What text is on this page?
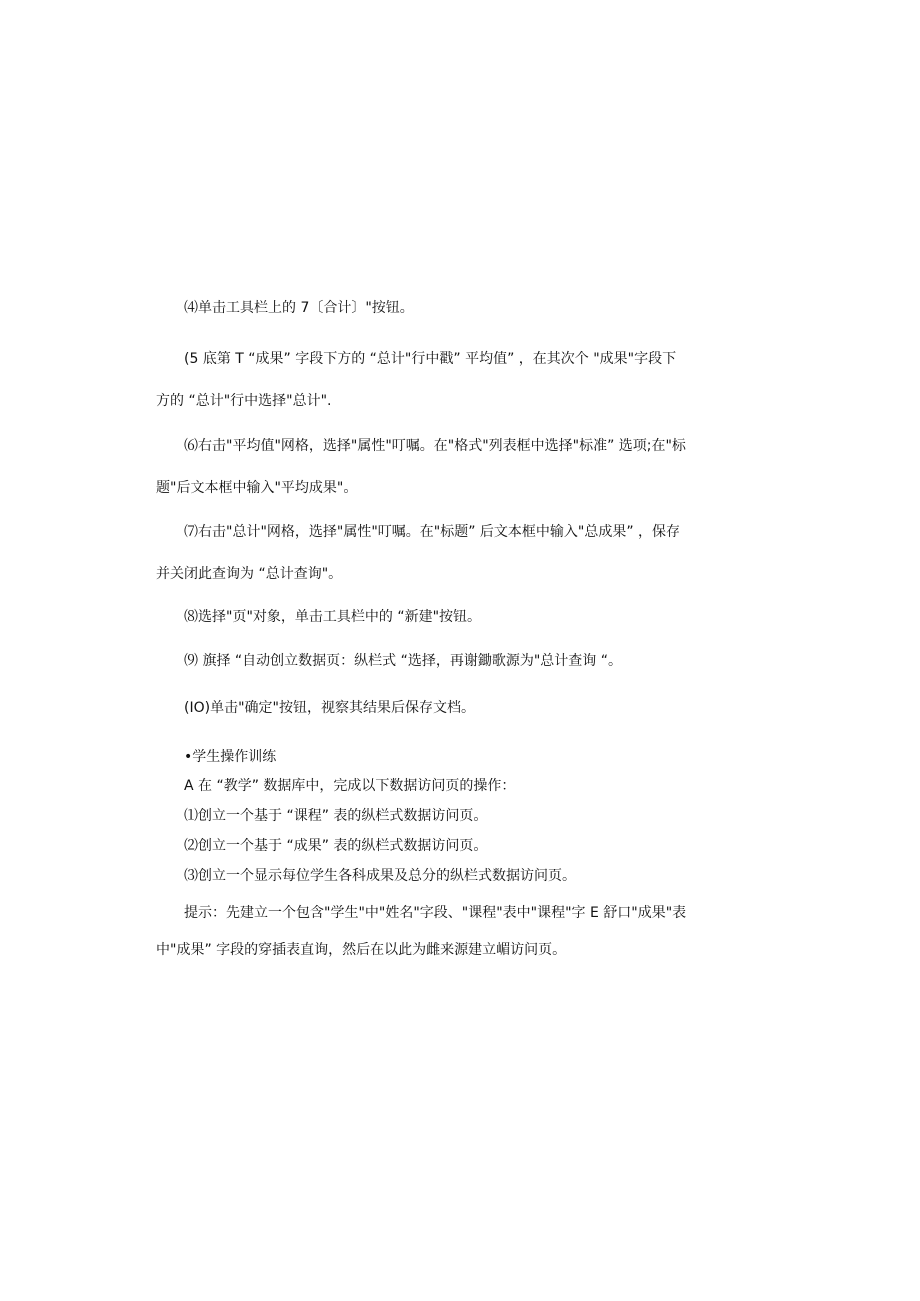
⑷单击工具栏上的 7〔合计〕"按钮。
(5 底第 T “成果” 字段下方的 “总计"行中戳” 平均值” ，在其次个 "成果"字段下
方的 “总计"行中选择"总计".
⑹右击"平均值"网格，选择"属性"叮嘱。在"格式"列表框中选择"标准” 选项;在"标
题"后文本框中输入"平均成果"。
⑺右击"总计"网格，选择"属性"叮嘱。在"标题” 后文本框中输入"总成果” ，保存
并关闭此查询为 “总计查询"。
⑻选择"页"对象，单击工具栏中的 “新建"按钮。
⑼ 旗择 “自动创立数据页：纵栏式 “选择，再谢鋤歌源为"总计查询 “。
(IO)单击"确定"按钮，视察其结果后保存文档。
•学生操作训练
A 在 “教学” 数据库中，完成以下数据访问页的操作：
⑴创立一个基于 “课程” 表的纵栏式数据访问页。
⑵创立一个基于 “成果” 表的纵栏式数据访问页。
⑶创立一个显示每位学生各科成果及总分的纵栏式数据访问页。
提示：先建立一个包含"学生"中"姓名"字段、"课程"表中"课程"字 E 舒口"成果"表
中"成果” 字段的穿插表直询，然后在以此为雌来源建立嵋访问页。
